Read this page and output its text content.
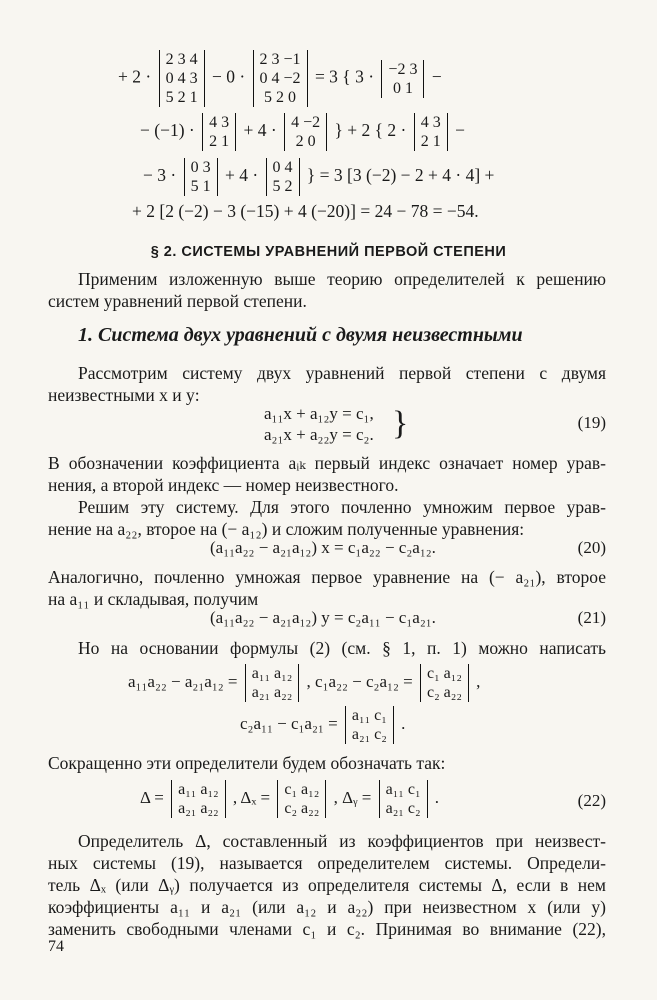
+ 2 ·
2 3 4
0 4 3
5 2 1
− 0 ·
2 3 −1
0 4 −2
5 2 0
= 3 { 3 · −2 3
0 1
−
− (−1) · 4 3
2 1
+ 4 · 4 −2
2 0
} + 2 { 2 · 4 3
2 1
−
− 3 · 0 3
5 1
+ 4 · 0 4
5 2
} = 3 [3 (−2) − 2 + 4 · 4] +
+ 2 [2 (−2) − 3 (−15) + 4 (−20)] = 24 − 78 = −54.
§ 2. СИСТЕМЫ УРАВНЕНИЙ ПЕРВОЙ СТЕПЕНИ
Применим изложенную выше теорию определителей к решению
систем уравнений первой степени.
1. Система двух уравнений с двумя неизвестными
Рассмотрим систему двух уравнений первой степени с двумя
неизвестными x и y:
a₁₁x + a₁₂y = c₁,
a₂₁x + a₂₂y = c₂. }	(19)
В обозначении коэффициента aᵢₖ первый индекс означает номер урав-
нения, а второй индекс — номер неизвестного.
Решим эту систему. Для этого почленно умножим первое урав-
нение на a₂₂, второе на (− a₁₂) и сложим полученные уравнения:
(a₁₁a₂₂ − a₂₁a₁₂) x = c₁a₂₂ − c₂a₁₂.	(20)
Аналогично, почленно умножая первое уравнение на (− a₂₁), второе
на a₁₁ и складывая, получим
(a₁₁a₂₂ − a₂₁a₁₂) y = c₂a₁₁ − c₁a₂₁.	(21)
Но на основании формулы (2) (см. § 1, п. 1) можно написать
a₁₁a₂₂ − a₂₁a₁₂ = a₁₁ a₁₂
a₂₁ a₂₂
, c₁a₂₂ − c₂a₁₂ = c₁ a₁₂
c₂ a₂₂
,
c₂a₁₁ − c₁a₂₁ = a₁₁ c₁
a₂₁ c₂
.
Сокращенно эти определители будем обозначать так:
Δ = a₁₁ a₁₂
a₂₁ a₂₂
, Δₓ = c₁ a₁₂
c₂ a₂₂
, Δᵧ = a₁₁ c₁
a₂₁ c₂
.	(22)
Определитель Δ, составленный из коэффициентов при неизвест-
ных системы (19), называется определителем системы. Определи-
тель Δₓ (или Δᵧ) получается из определителя системы Δ, если в нем
коэффициенты a₁₁ и a₂₁ (или a₁₂ и a₂₂) при неизвестном x (или y)
заменить свободными членами c₁ и c₂. Принимая во внимание (22),
74
